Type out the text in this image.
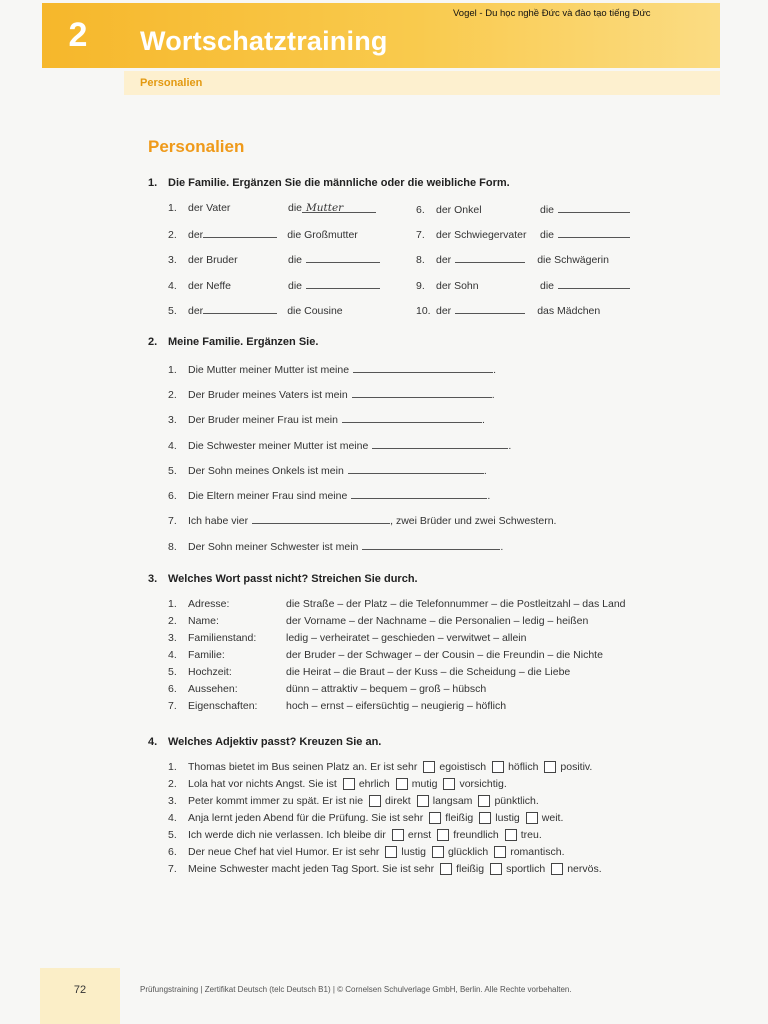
2	Wortschatztraining
Vogel - Du học nghề Đức và đào tạo tiếng Đức
Personalien
Personalien
1. Die Familie. Ergänzen Sie die männliche oder die weibliche Form.
1. der Vater	die Mutter
2. der	die Großmutter
3. der Bruder	die
4. der Neffe	die
5. der	die Cousine
6. der Onkel	die
7. der Schwiegervater die
8. der	die Schwägerin
9. der Sohn	die
10. der	das Mädchen
2. Meine Familie. Ergänzen Sie.
1. Die Mutter meiner Mutter ist meine	.
2. Der Bruder meines Vaters ist mein	.
3. Der Bruder meiner Frau ist mein	.
4. Die Schwester meiner Mutter ist meine	.
5. Der Sohn meines Onkels ist mein	.
6. Die Eltern meiner Frau sind meine	.
7. Ich habe vier	, zwei Brüder und zwei Schwestern.
8. Der Sohn meiner Schwester ist mein	.
3. Welches Wort passt nicht? Streichen Sie durch.
1. Adresse:	die Straße – der Platz – die Telefonnummer – die Postleitzahl – das Land
2. Name:	der Vorname – der Nachname – die Personalien – ledig – heißen
3. Familienstand:	ledig – verheiratet – geschieden – verwitwet – allein
4. Familie:	der Bruder – der Schwager – der Cousin – die Freundin – die Nichte
5. Hochzeit:	die Heirat – die Braut – der Kuss – die Scheidung – die Liebe
6. Aussehen:	dünn – attraktiv – bequem – groß – hübsch
7. Eigenschaften:	hoch – ernst – eifersüchtig – neugierig – höflich
4. Welches Adjektiv passt? Kreuzen Sie an.
1. Thomas bietet im Bus seinen Platz an. Er ist sehr egoistisch höflich positiv.
2. Lola hat vor nichts Angst. Sie ist ehrlich mutig vorsichtig.
3. Peter kommt immer zu spät. Er ist nie direkt langsam pünktlich.
4. Anja lernt jeden Abend für die Prüfung. Sie ist sehr fleißig lustig weit.
5. Ich werde dich nie verlassen. Ich bleibe dir ernst freundlich treu.
6. Der neue Chef hat viel Humor. Er ist sehr lustig glücklich romantisch.
7. Meine Schwester macht jeden Tag Sport. Sie ist sehr fleißig sportlich nervös.
72	Prüfungstraining | Zertifikat Deutsch (telc Deutsch B1) | © Cornelsen Schulverlage GmbH, Berlin. Alle Rechte vorbehalten.
